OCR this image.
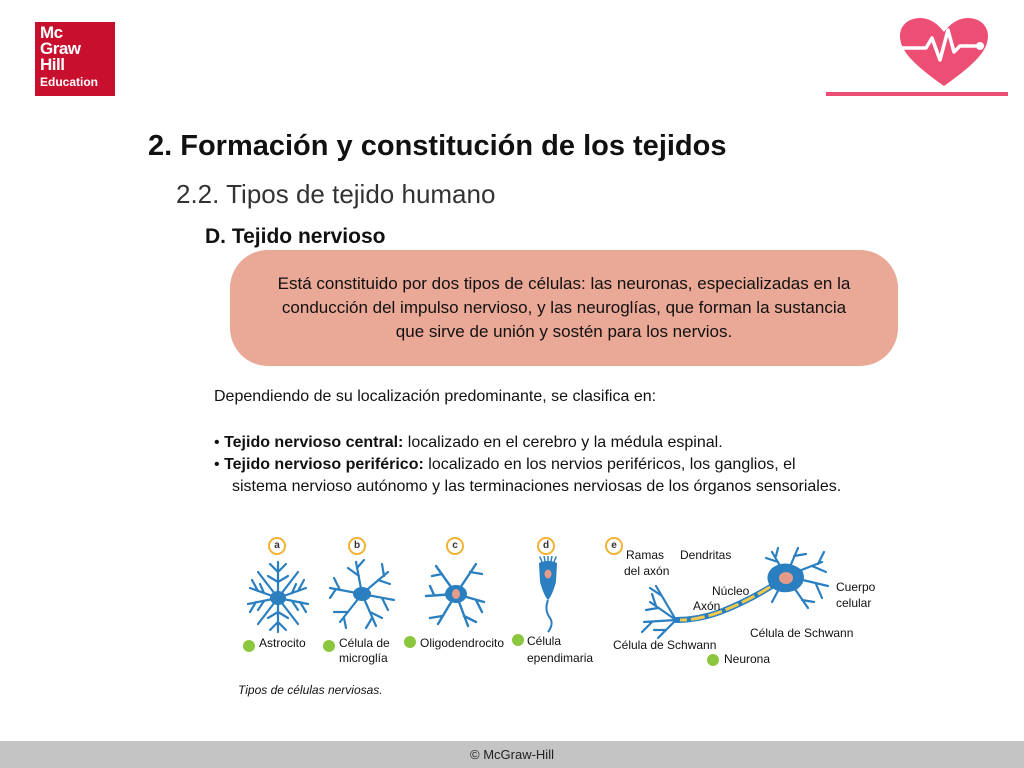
Mc
Graw
Hill
Education
2. Formación y constitución de los tejidos
2.2. Tipos de tejido humano
D. Tejido nervioso
Está constituido por dos tipos de células: las neuronas, especializadas en la conducción del impulso nervioso, y las neuroglías, que forman la sustancia que sirve de unión y sostén para los nervios.
Dependiendo de su localización predominante, se clasifica en:
• Tejido nervioso central: localizado en el cerebro y la médula espinal.
• Tejido nervioso periférico: localizado en los nervios periféricos, los ganglios, el
sistema nervioso autónomo y las terminaciones nerviosas de los órganos sensoriales.
a	b	c	d	e
Astrocito	Célula de
microglía
Oligodendrocito Célula
ependimaria
Ramas
del axón
Dendritas
Núcleo
Axón
Cuerpo
celular
Célula de Schwann
Célula de Schwann
Neurona
Tipos de células nerviosas.
© McGraw-Hill
